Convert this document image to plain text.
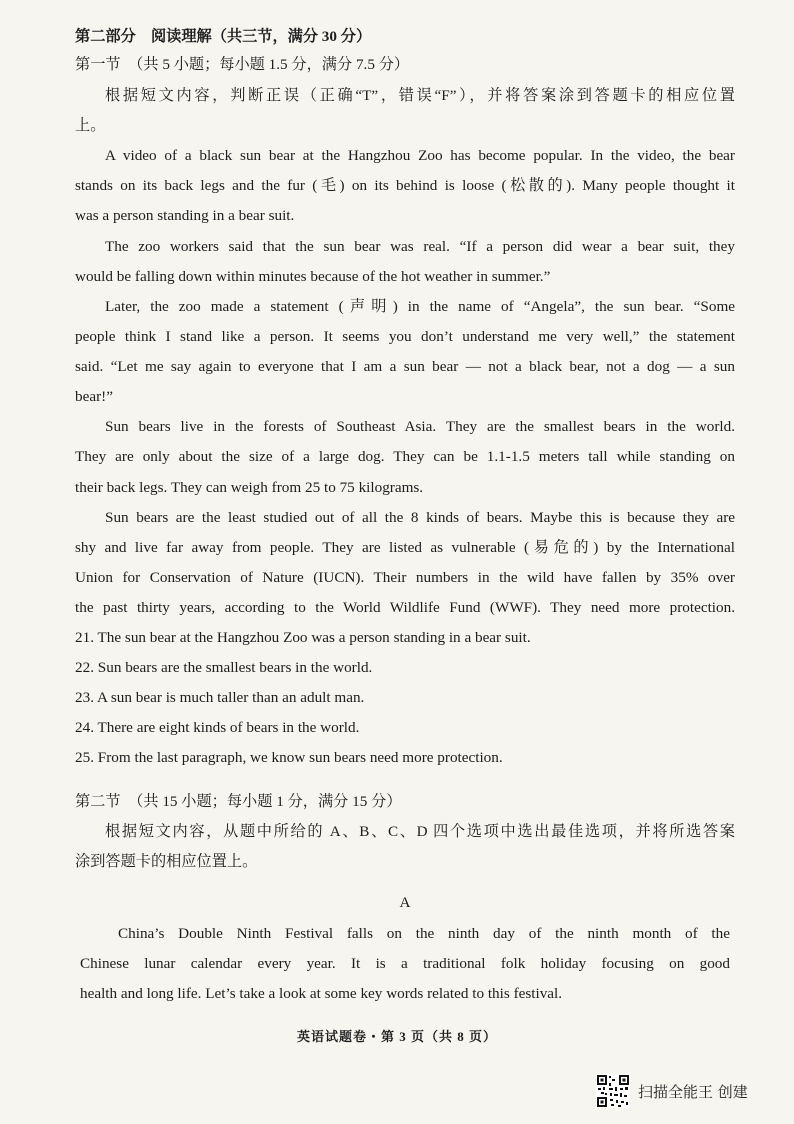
第二部分　阅读理解（共三节，满分 30 分）
第一节　（共 5 小题；每小题 1.5 分，满分 7.5 分）
根据短文内容，判断正误（正确“T”，错误“F”），并将答案涂到答题卡的相应位置
上。
A video of a black sun bear at the Hangzhou Zoo has become popular. In the video, the bear
stands on its back legs and the fur (毛) on its behind is loose (松散的). Many people thought it
was a person standing in a bear suit.
The zoo workers said that the sun bear was real. “If a person did wear a bear suit, they
would be falling down within minutes because of the hot weather in summer.”
Later, the zoo made a statement (声明) in the name of “Angela”, the sun bear. “Some
people think I stand like a person. It seems you don’t understand me very well,” the statement
said. “Let me say again to everyone that I am a sun bear — not a black bear, not a dog — a sun
bear!”
Sun bears live in the forests of Southeast Asia. They are the smallest bears in the world.
They are only about the size of a large dog. They can be 1.1-1.5 meters tall while standing on
their back legs. They can weigh from 25 to 75 kilograms.
Sun bears are the least studied out of all the 8 kinds of bears. Maybe this is because they are
shy and live far away from people. They are listed as vulnerable (易危的) by the International
Union for Conservation of Nature (IUCN). Their numbers in the wild have fallen by 35% over
the past thirty years, according to the World Wildlife Fund (WWF). They need more protection.
21. The sun bear at the Hangzhou Zoo was a person standing in a bear suit.
22. Sun bears are the smallest bears in the world.
23. A sun bear is much taller than an adult man.
24. There are eight kinds of bears in the world.
25. From the last paragraph, we know sun bears need more protection.
第二节　（共 15 小题；每小题 1 分，满分 15 分）
根据短文内容，从题中所给的 A、B、C、D 四个选项中选出最佳选项，并将所选答案
涂到答题卡的相应位置上。
A
China’s Double Ninth Festival falls on the ninth day of the ninth month of the
Chinese lunar calendar every year. It is a traditional folk holiday focusing on good
health and long life. Let’s take a look at some key words related to this festival.
英语试题卷・第 3 页（共 8 页）
扫描全能王 创建
